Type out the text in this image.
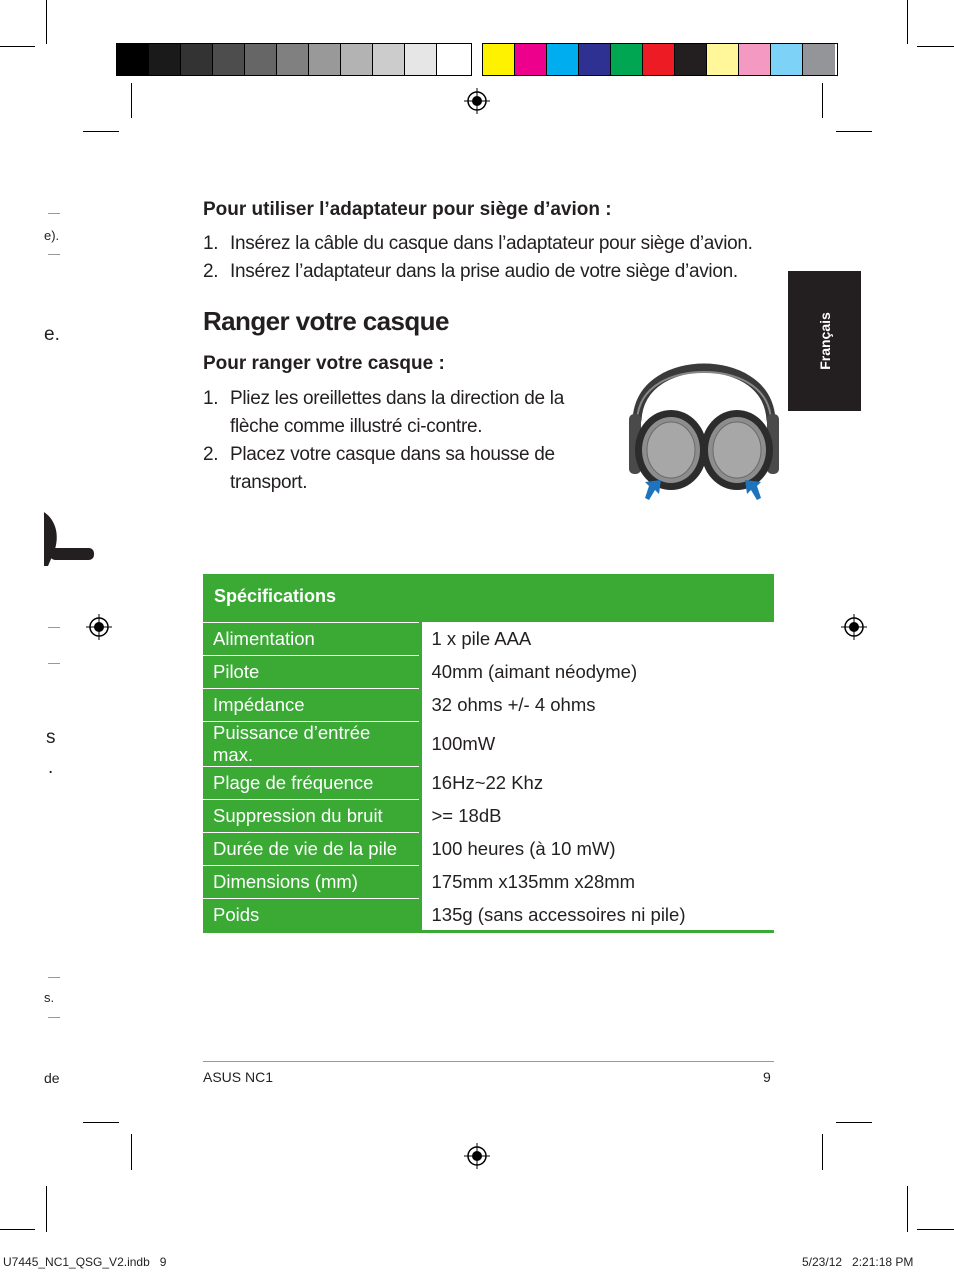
e).
e.
s
.
s.
de
Pour utiliser l’adaptateur pour siège d’avion :
1. Insérez la câble du casque dans l’adaptateur pour siège d’avion.
2. Insérez l’adaptateur dans la prise audio de votre siège d’avion.
Ranger votre casque
Pour ranger votre casque :
1. Pliez les oreillettes dans la direction de la flèche comme illustré ci-contre.
2. Placez votre casque dans sa housse de transport.
Français
Spécifications	
Alimentation	1 x pile AAA
Pilote	40mm (aimant néodyme)
Impédance	32 ohms +/- 4 ohms
Puissance d’entrée max.	100mW
Plage de fréquence	16Hz~22 Khz
Suppression du bruit	>= 18dB
Durée de vie de la pile	100 heures (à 10 mW)
Dimensions (mm)	175mm x135mm x28mm
Poids	135g (sans accessoires ni pile)
ASUS NC1	9
U7445_NC1_QSG_V2.indb   9	5/23/12   2:21:18 PM
